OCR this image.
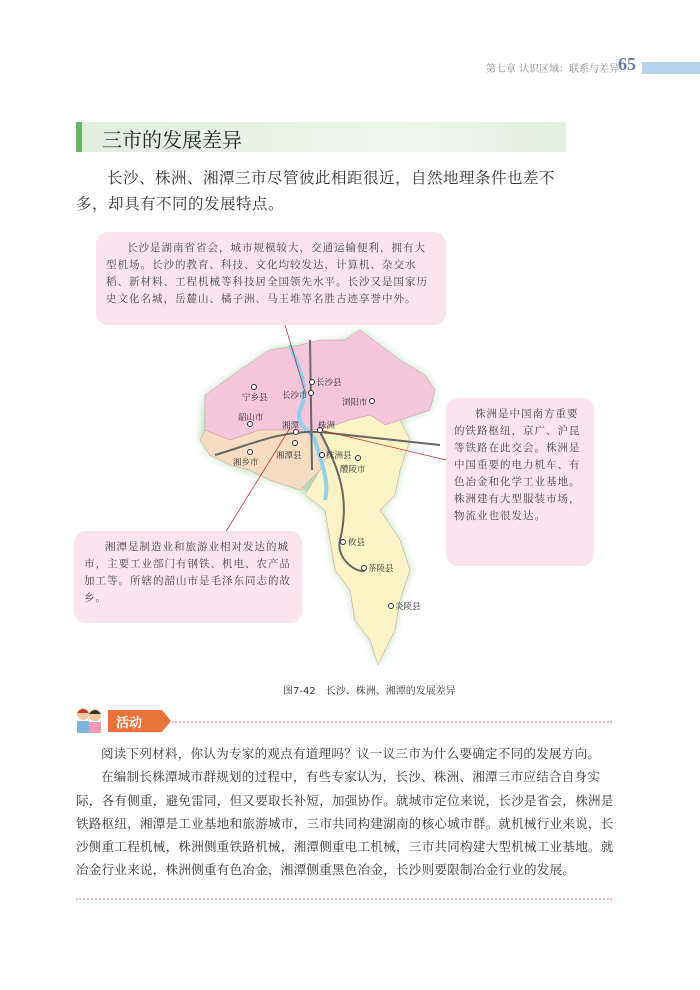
第七章 认识区域：联系与差异
65
三市的发展差异
长沙、株洲、湘潭三市尽管彼此相距很近，自然地理条件也差不多，却具有不同的发展特点。
宁乡县 长沙市
长沙县
浏阳市
韶山市
湘潭 株洲
湘乡市
湘潭县	株洲县
醴陵市
攸县
茶陵县
炎陵县
长沙是湖南省省会，城市规模较大，交通运输便利，拥有大型机场。长沙的教育、科技、文化均较发达，计算机、杂交水稻、新材料、工程机械等科技居全国领先水平。长沙又是国家历史文化名城，岳麓山、橘子洲、马王堆等名胜古迹享誉中外。
株洲是中国南方重要的铁路枢纽，京广、沪昆等铁路在此交会。株洲是中国重要的电力机车、有色冶金和化学工业基地。株洲建有大型服装市场，物流业也很发达。
湘潭是制造业和旅游业相对发达的城市，主要工业部门有钢铁、机电、农产品加工等。所辖的韶山市是毛泽东同志的故乡。
图7-42　长沙、株洲、湘潭的发展差异
活动

阅读下列材料，你认为专家的观点有道理吗？议一议三市为什么要确定不同的发展方向。

在编制长株潭城市群规划的过程中，有些专家认为，长沙、株洲、湘潭三市应结合自身实际，各有侧重，避免雷同，但又要取长补短，加强协作。就城市定位来说，长沙是省会，株洲是铁路枢纽，湘潭是工业基地和旅游城市，三市共同构建湖南的核心城市群。就机械行业来说，长沙侧重工程机械，株洲侧重铁路机械，湘潭侧重电工机械，三市共同构建大型机械工业基地。就冶金行业来说，株洲侧重有色冶金，湘潭侧重黑色冶金，长沙则要限制冶金行业的发展。
